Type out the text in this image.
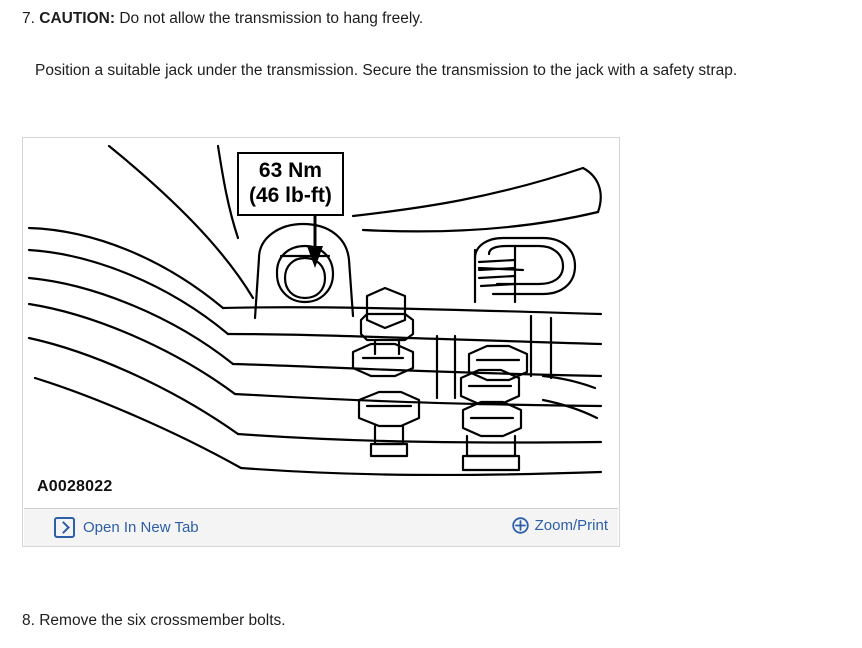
7. CAUTION: Do not allow the transmission to hang freely.
Position a suitable jack under the transmission. Secure the transmission to the jack with a safety strap.
63 Nm
(46 lb-ft)
A0028022
Open In New Tab	Zoom/Print
8. Remove the six crossmember bolts.
